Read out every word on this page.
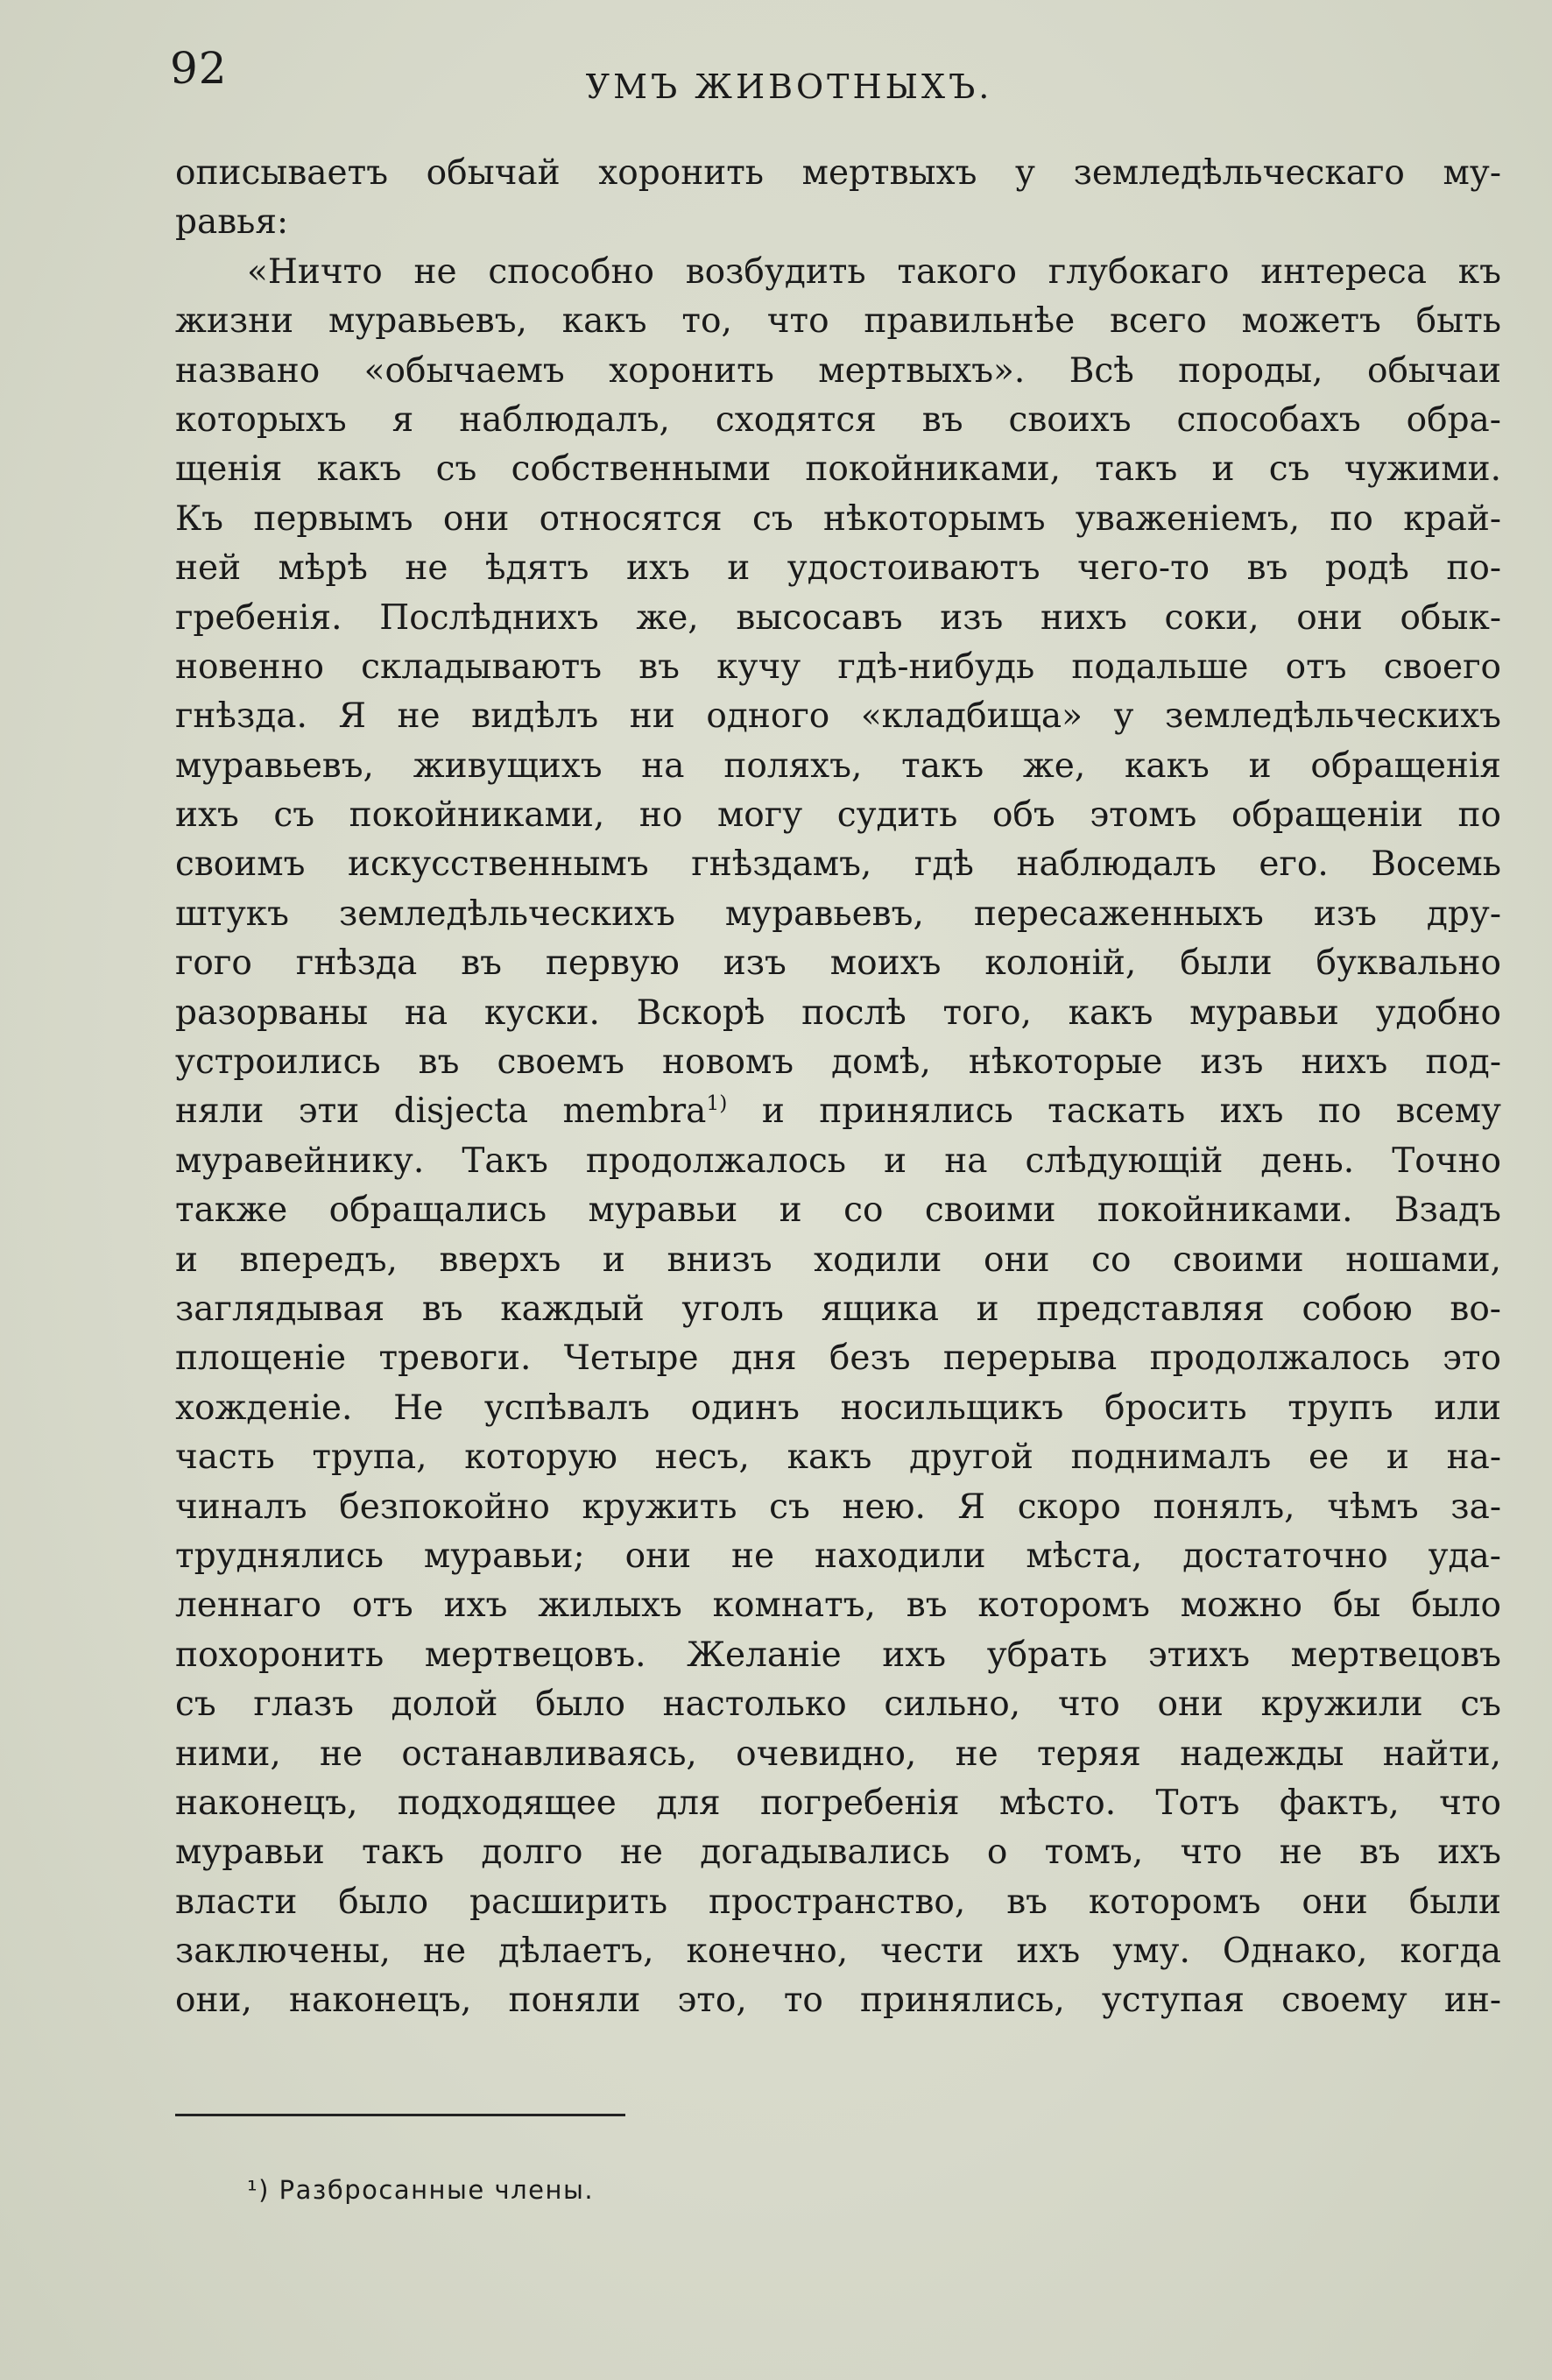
92	УМЪ ЖИВОТНЫХЪ.
описываетъ обычай хоронить мертвыхъ у земледѣльческаго му-
равья:
«Ничто не способно возбудить такого глубокаго интереса къ
жизни муравьевъ, какъ то, что правильнѣе всего можетъ быть
названо «обычаемъ хоронить мертвыхъ». Всѣ породы, обычаи
которыхъ я наблюдалъ, сходятся въ своихъ способахъ обра-
щенія какъ съ собственными покойниками, такъ и съ чужими.
Къ первымъ они относятся съ нѣкоторымъ уваженіемъ, по край-
ней мѣрѣ не ѣдятъ ихъ и удостоиваютъ чего-то въ родѣ по-
гребенія. Послѣднихъ же, высосавъ изъ нихъ соки, они обык-
новенно складываютъ въ кучу гдѣ-нибудь подальше отъ своего
гнѣзда. Я не видѣлъ ни одного «кладбища» у земледѣльческихъ
муравьевъ, живущихъ на поляхъ, такъ же, какъ и обращенія
ихъ съ покойниками, но могу судить объ этомъ обращеніи по
своимъ искусственнымъ гнѣздамъ, гдѣ наблюдалъ его. Восемь
штукъ земледѣльческихъ муравьевъ, пересаженныхъ изъ дру-
гого гнѣзда въ первую изъ моихъ колоній, были буквально
разорваны на куски. Вскорѣ послѣ того, какъ муравьи удобно
устроились въ своемъ новомъ домѣ, нѣкоторые изъ нихъ под-
няли эти disjecta membra$^{1)}$ и принялись таскать ихъ по всему
муравейнику. Такъ продолжалось и на слѣдующій день. Точно
также обращались муравьи и со своими покойниками. Взадъ
и впередъ, вверхъ и внизъ ходили они со своими ношами,
заглядывая въ каждый уголъ ящика и представляя собою во-
площеніе тревоги. Четыре дня безъ перерыва продолжалось это
хожденіе. Не успѣвалъ одинъ носильщикъ бросить трупъ или
часть трупа, которую несъ, какъ другой поднималъ ее и на-
чиналъ безпокойно кружить съ нею. Я скоро понялъ, чѣмъ за-
труднялись муравьи; они не находили мѣста, достаточно уда-
леннаго отъ ихъ жилыхъ комнатъ, въ которомъ можно бы было
похоронить мертвецовъ. Желаніе ихъ убрать этихъ мертвецовъ
съ глазъ долой было настолько сильно, что они кружили съ
ними, не останавливаясь, очевидно, не теряя надежды найти,
наконецъ, подходящее для погребенія мѣсто. Тотъ фактъ, что
муравьи такъ долго не догадывались о томъ, что не въ ихъ
власти было расширить пространство, въ которомъ они были
заключены, не дѣлаетъ, конечно, чести ихъ уму. Однако, когда
они, наконецъ, поняли это, то принялись, уступая своему ин-
¹) Разбросанные члены.
